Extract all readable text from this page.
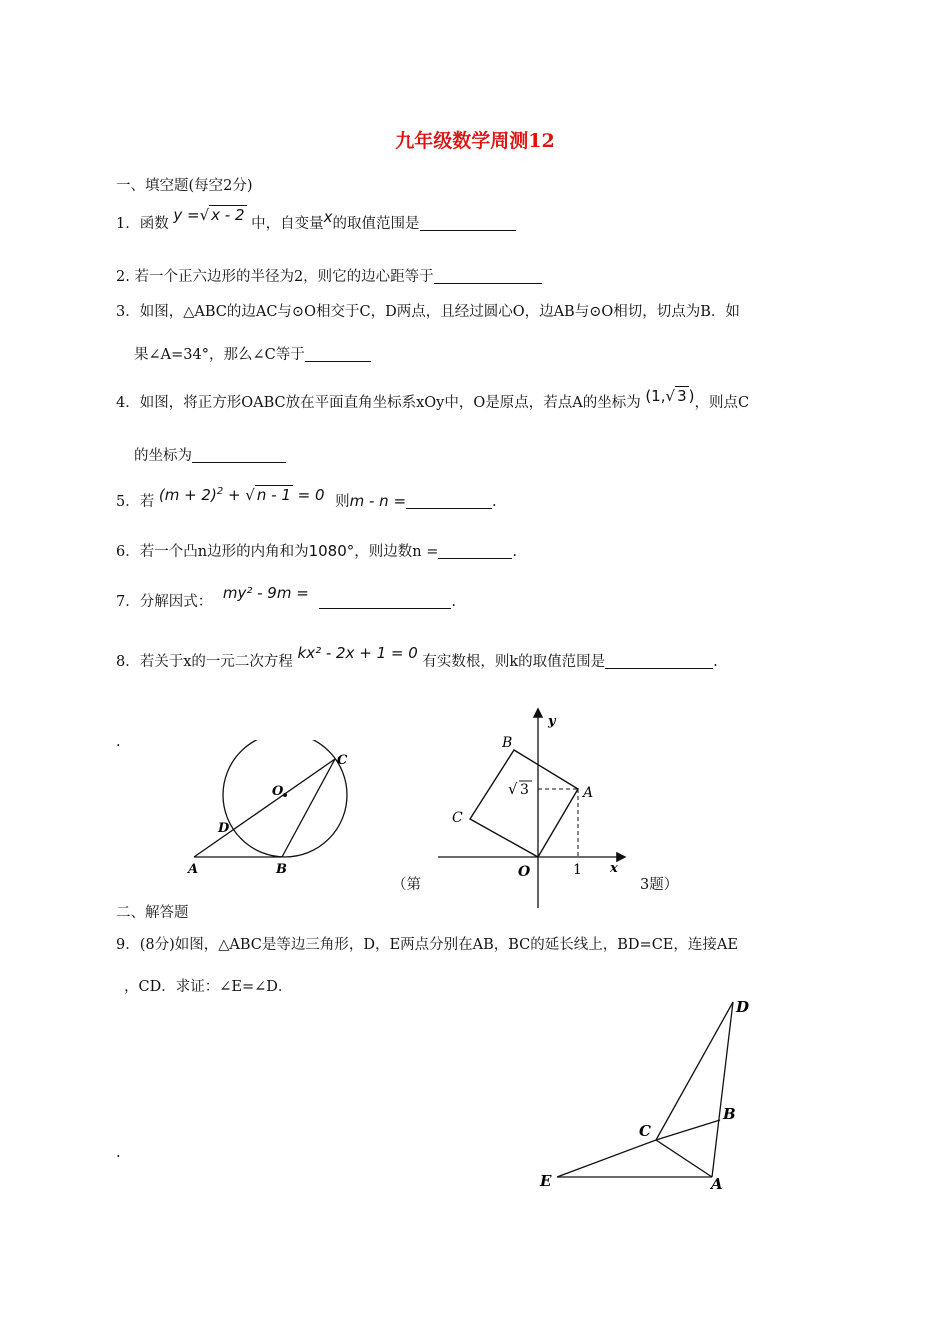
九年级数学周测12
一、填空题(每空2分)
1．函数 y =√ x - 2 中，自变量x的取值范围是
2. 若一个正六边形的半径为2，则它的边心距等于
3．如图，△ABC的边AC与⊙O相交于C，D两点，且经过圆心O，边AB与⊙O相切，切点为B．如
果∠A=34°，那么∠C等于
4．如图，将正方形OABC放在平面直角坐标系xOy中，O是原点，若点A的坐标为 (1,√ 3 )，则点C
的坐标为
5．若 $(m + 2)^2$ + √ n - 1 = 0 则m - n =	.
6．若一个凸n边形的内角和为1080°，则边数n =	.
7．分解因式： my² - 9m =	.
8．若关于x的一元二次方程 kx² - 2x + 1 = 0 有实数根，则k的取值范围是	.
.
C
O
D
A	B
y
x
B
A
C
O	1
√ 3
（第	3题）
二、解答题
9．(8分)如图，△ABC是等边三角形，D，E两点分别在AB，BC的延长线上，BD=CE，连接AE
，CD．求证：∠E=∠D．
.
D
B
C
E	A
